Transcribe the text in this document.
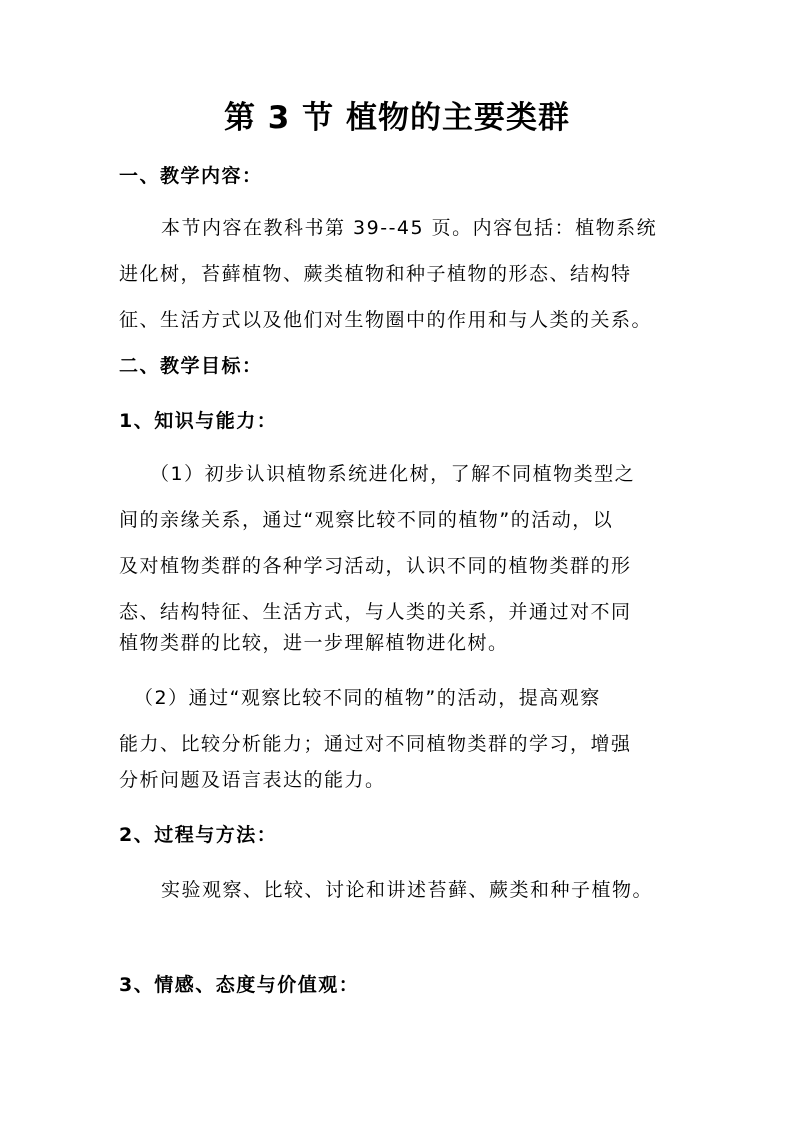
第 3 节 植物的主要类群
一、教学内容：
本节内容在教科书第 39--45 页。内容包括：植物系统
进化树，苔藓植物、蕨类植物和种子植物的形态、结构特
征、生活方式以及他们对生物圈中的作用和与人类的关系。
二、教学目标：
1、知识与能力：
（1）初步认识植物系统进化树，了解不同植物类型之
间的亲缘关系，通过“观察比较不同的植物”的活动，以
及对植物类群的各种学习活动，认识不同的植物类群的形
态、结构特征、生活方式，与人类的关系，并通过对不同
植物类群的比较，进一步理解植物进化树。
（2）通过“观察比较不同的植物”的活动，提高观察
能力、比较分析能力；通过对不同植物类群的学习，增强
分析问题及语言表达的能力。
2、过程与方法：
实验观察、比较、讨论和讲述苔藓、蕨类和种子植物。
3、情感、态度与价值观：
